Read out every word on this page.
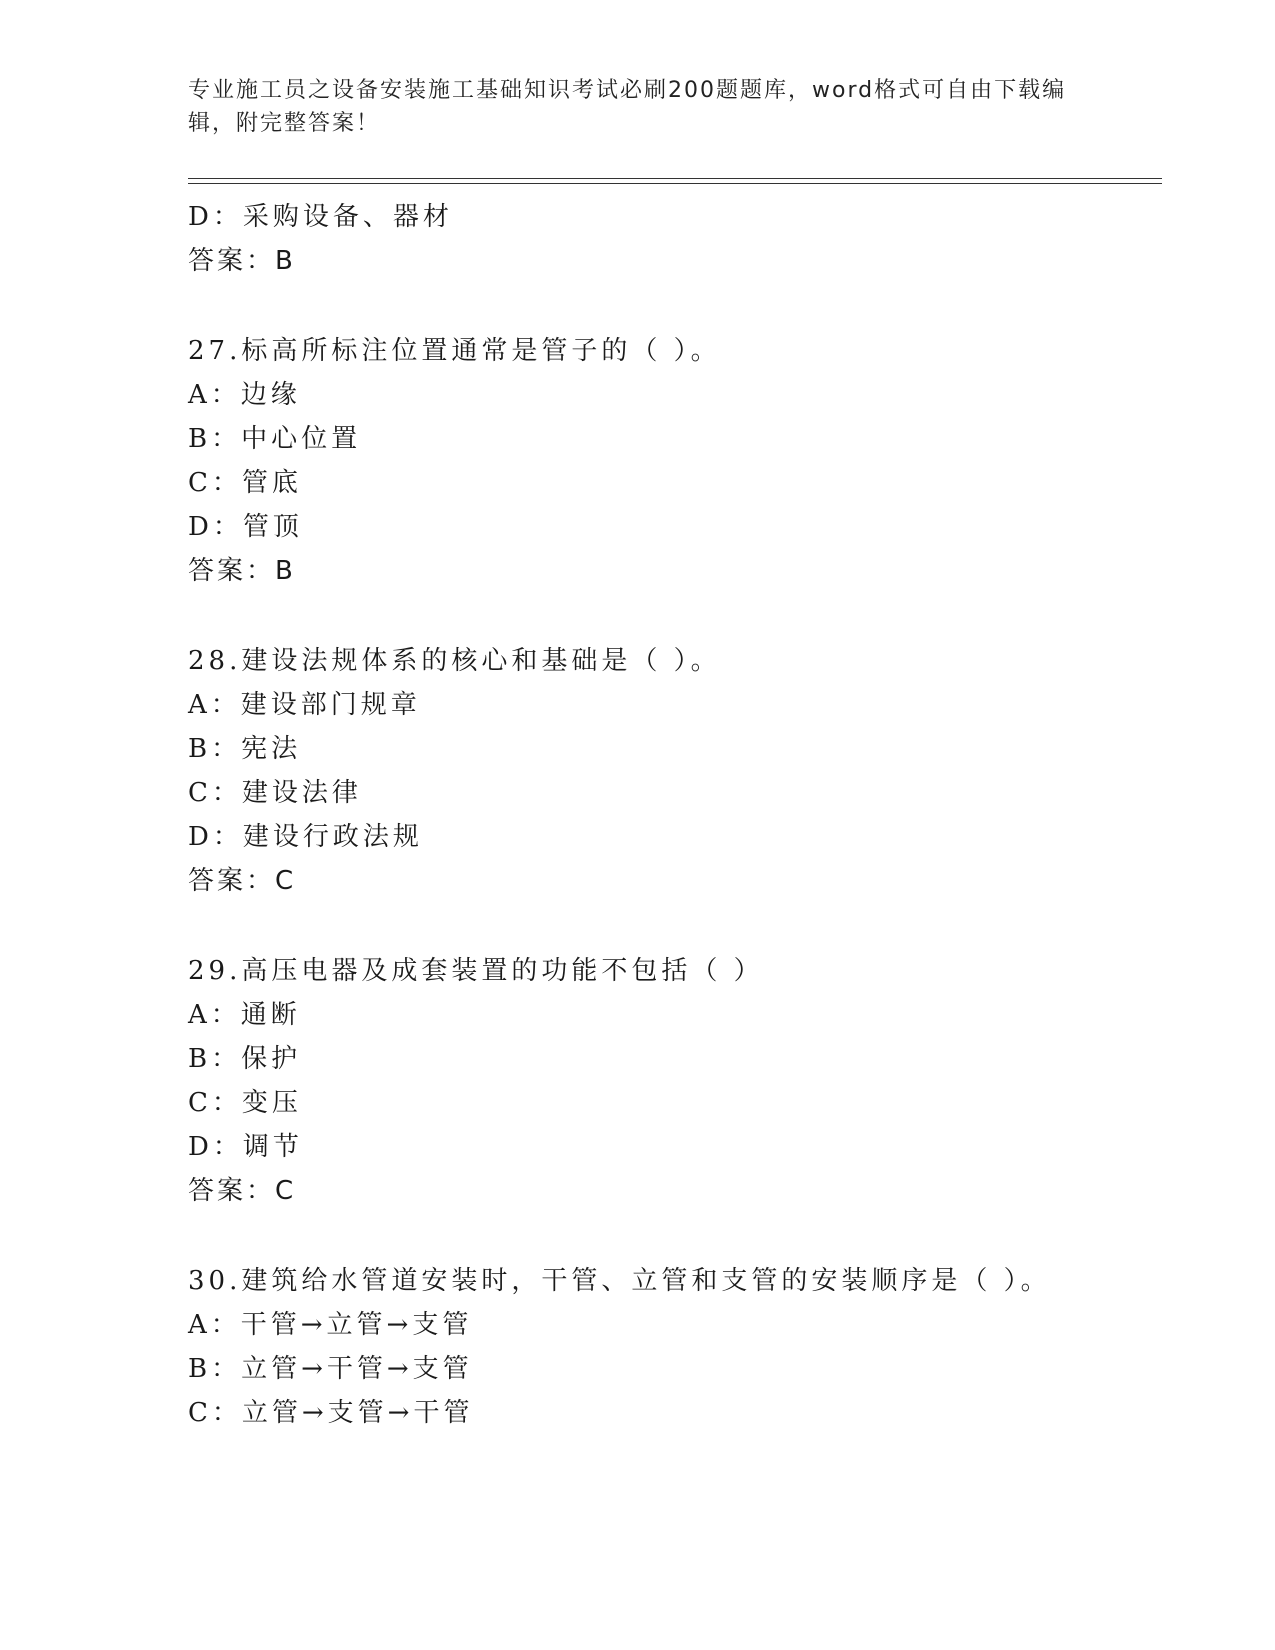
专业施工员之设备安装施工基础知识考试必刷200题题库，word格式可自由下载编辑，附完整答案！
D：采购设备、器材
答案：B
27.标高所标注位置通常是管子的（ ）。
A：边缘
B：中心位置
C：管底
D：管顶
答案：B
28.建设法规体系的核心和基础是（ ）。
A：建设部门规章
B：宪法
C：建设法律
D：建设行政法规
答案：C
29.高压电器及成套装置的功能不包括（ ）
A：通断
B：保护
C：变压
D：调节
答案：C
30.建筑给水管道安装时，干管、立管和支管的安装顺序是（ ）。
A：干管→立管→支管
B：立管→干管→支管
C：立管→支管→干管
